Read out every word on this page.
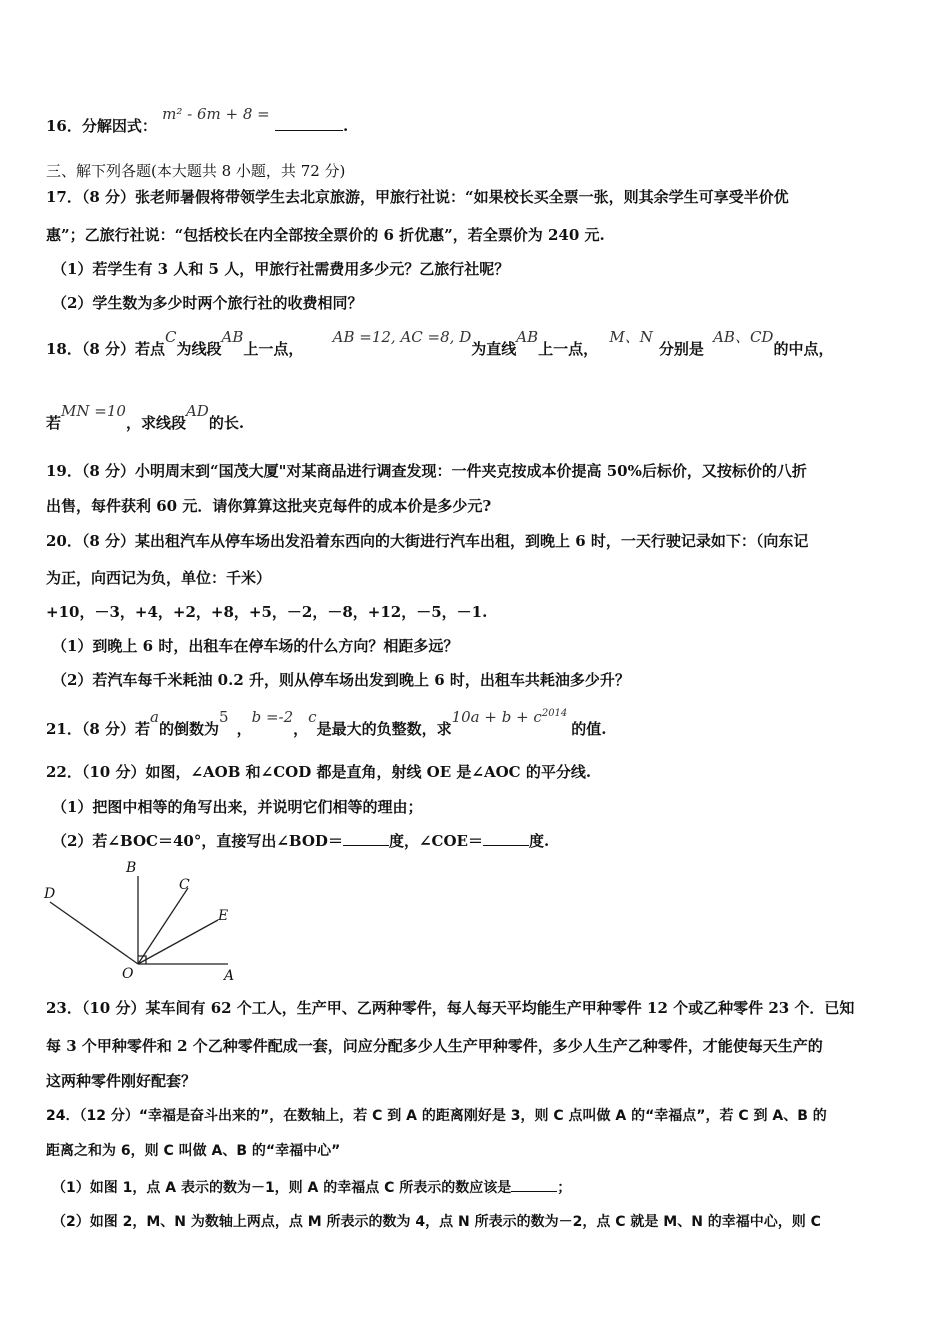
16．分解因式： m² - 6m + 8 = .
三、解下列各题(本大题共 8 小题，共 72 分)
17．（8 分）张老师暑假将带领学生去北京旅游，甲旅行社说：“如果校长买全票一张，则其余学生可享受半价优
惠”；乙旅行社说：“包括校长在内全部按全票价的 6 折优惠”，若全票价为 240 元.
（1）若学生有 3 人和 5 人，甲旅行社需费用多少元？乙旅行社呢？
（2）学生数为多少时两个旅行社的收费相同？
18．（8 分）若点C为线段AB上一点， AB =12, AC =8, D为直线AB上一点， M、N分别是 AB、CD的中点，
若MN =10，求线段AD的长.
19．（8 分）小明周末到“国茂大厦"对某商品进行调查发现：一件夹克按成本价提高 50%后标价，又按标价的八折
出售，每件获利 60 元．请你算算这批夹克每件的成本价是多少元?
20．（8 分）某出租汽车从停车场出发沿着东西向的大街进行汽车出租，到晚上 6 时，一天行驶记录如下：（向东记
为正，向西记为负，单位：千米）
+10，－3，+4，+2，+8，+5，－2，－8，+12，－5，－1.
（1）到晚上 6 时，出租车在停车场的什么方向？相距多远？
（2）若汽车每千米耗油 0.2 升，则从停车场出发到晚上 6 时，出租车共耗油多少升？
21．（8 分）若a的倒数为5，b =-2，c是最大的负整数，求$10a + b + c^{2014}$的值.
22．（10 分）如图，∠AOB 和∠COD 都是直角，射线 OE 是∠AOC 的平分线.
（1）把图中相等的角写出来，并说明它们相等的理由；
（2）若∠BOC＝40°，直接写出∠BOD＝	度，∠COE＝	度.
D
B
C
E
O	A
23．（10 分）某车间有 62 个工人，生产甲、乙两种零件，每人每天平均能生产甲种零件 12 个或乙种零件 23 个．已知
每 3 个甲种零件和 2 个乙种零件配成一套，问应分配多少人生产甲种零件，多少人生产乙种零件，才能使每天生产的
这两种零件刚好配套？
24．（12 分）“幸福是奋斗出来的”，在数轴上，若 C 到 A 的距离刚好是 3，则 C 点叫做 A 的“幸福点”，若 C 到 A、B 的
距离之和为 6，则 C 叫做 A、B 的“幸福中心”
（1）如图 1，点 A 表示的数为－1，则 A 的幸福点 C 所表示的数应该是	；
（2）如图 2，M、N 为数轴上两点，点 M 所表示的数为 4，点 N 所表示的数为－2，点 C 就是 M、N 的幸福中心，则 C
